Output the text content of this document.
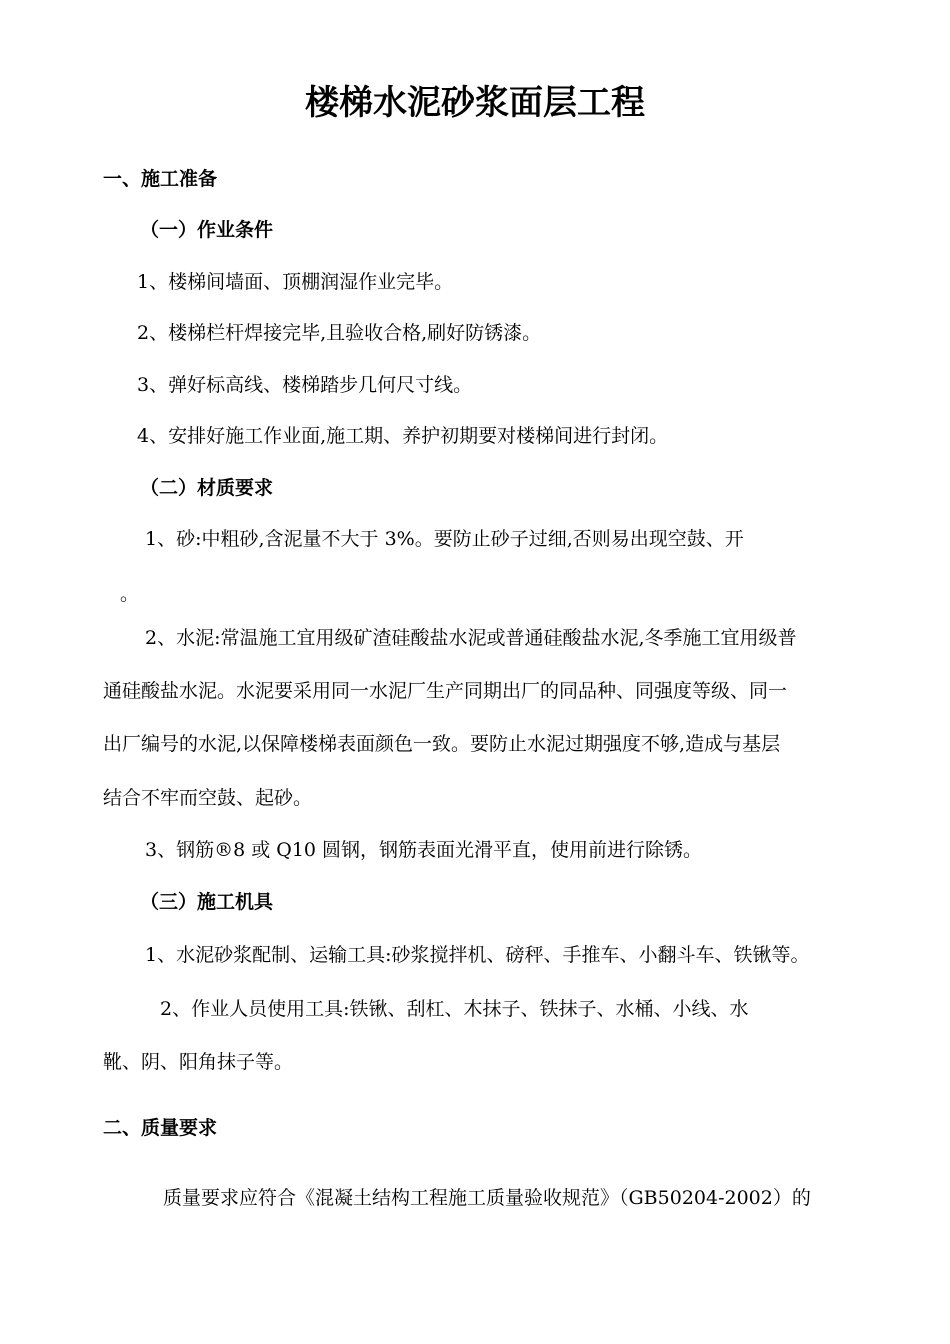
楼梯水泥砂浆面层工程
一、施工准备
（一）作业条件
1、楼梯间墙面、顶棚润湿作业完毕。
2、楼梯栏杆焊接完毕,且验收合格,刷好防锈漆。
3、弹好标高线、楼梯踏步几何尺寸线。
4、安排好施工作业面,施工期、养护初期要对楼梯间进行封闭。
（二）材质要求
1、砂:中粗砂,含泥量不大于 3%。要防止砂子过细,否则易出现空鼓、开
。
2、水泥:常温施工宜用级矿渣硅酸盐水泥或普通硅酸盐水泥,冬季施工宜用级普
通硅酸盐水泥。水泥要采用同一水泥厂生产同期出厂的同品种、同强度等级、同一
出厂编号的水泥,以保障楼梯表面颜色一致。要防止水泥过期强度不够,造成与基层
结合不牢而空鼓、起砂。
3、钢筋®8 或 Q10 圆钢，钢筋表面光滑平直，使用前进行除锈。
（三）施工机具
1、水泥砂浆配制、运输工具:砂浆搅拌机、磅秤、手推车、小翻斗车、铁锹等。
2、作业人员使用工具:铁锹、刮杠、木抹子、铁抹子、水桶、小线、水
靴、阴、阳角抹子等。
二、质量要求
质量要求应符合《混凝土结构工程施工质量验收规范》（GB50204-2002）的
